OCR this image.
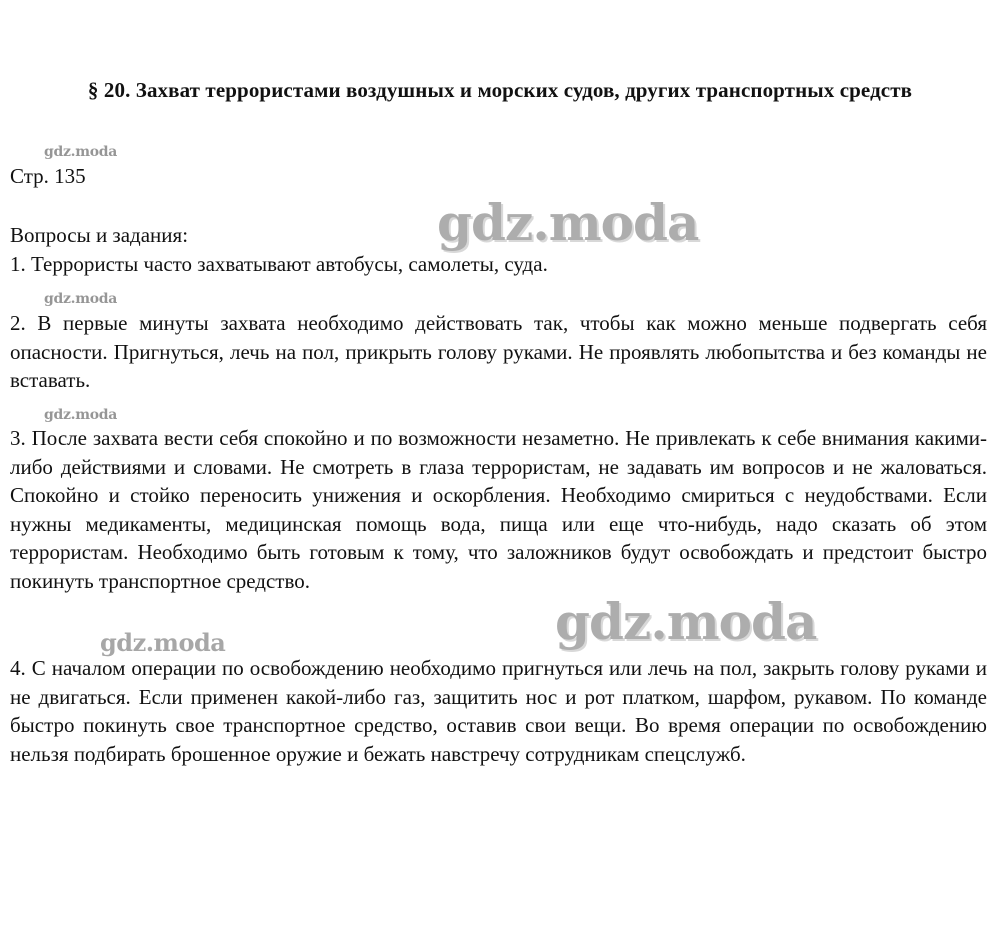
§ 20. Захват террористами воздушных и морских судов, других транспортных средств
gdz.moda
Стр. 135
gdz.moda
Вопросы и задания:
1. Террористы часто захватывают автобусы, самолеты, суда.
gdz.moda
2. В первые минуты захвата необходимо действовать так, чтобы как можно меньше подвергать себя опасности. Пригнуться, лечь на пол, прикрыть голову руками. Не проявлять любопытства и без команды не вставать.
gdz.moda
3. После захвата вести себя спокойно и по возможности незаметно. Не привлекать к себе внимания какими-либо действиями и словами. Не смотреть в глаза террористам, не задавать им вопросов и не жаловаться. Спокойно и стойко переносить унижения и оскорбления. Необходимо смириться с неудобствами. Если нужны медикаменты, медицинская помощь вода, пища или еще что-нибудь, надо сказать об этом террористам. Необходимо быть готовым к тому, что заложников будут освобождать и предстоит быстро покинуть транспортное средство.
gdz.moda	gdz.moda
4. С началом операции по освобождению необходимо пригнуться или лечь на пол, закрыть голову руками и не двигаться. Если применен какой-либо газ, защитить нос и рот платком, шарфом, рукавом. По команде быстро покинуть свое транспортное средство, оставив свои вещи. Во время операции по освобождению нельзя подбирать брошенное оружие и бежать навстречу сотрудникам спецслужб.
